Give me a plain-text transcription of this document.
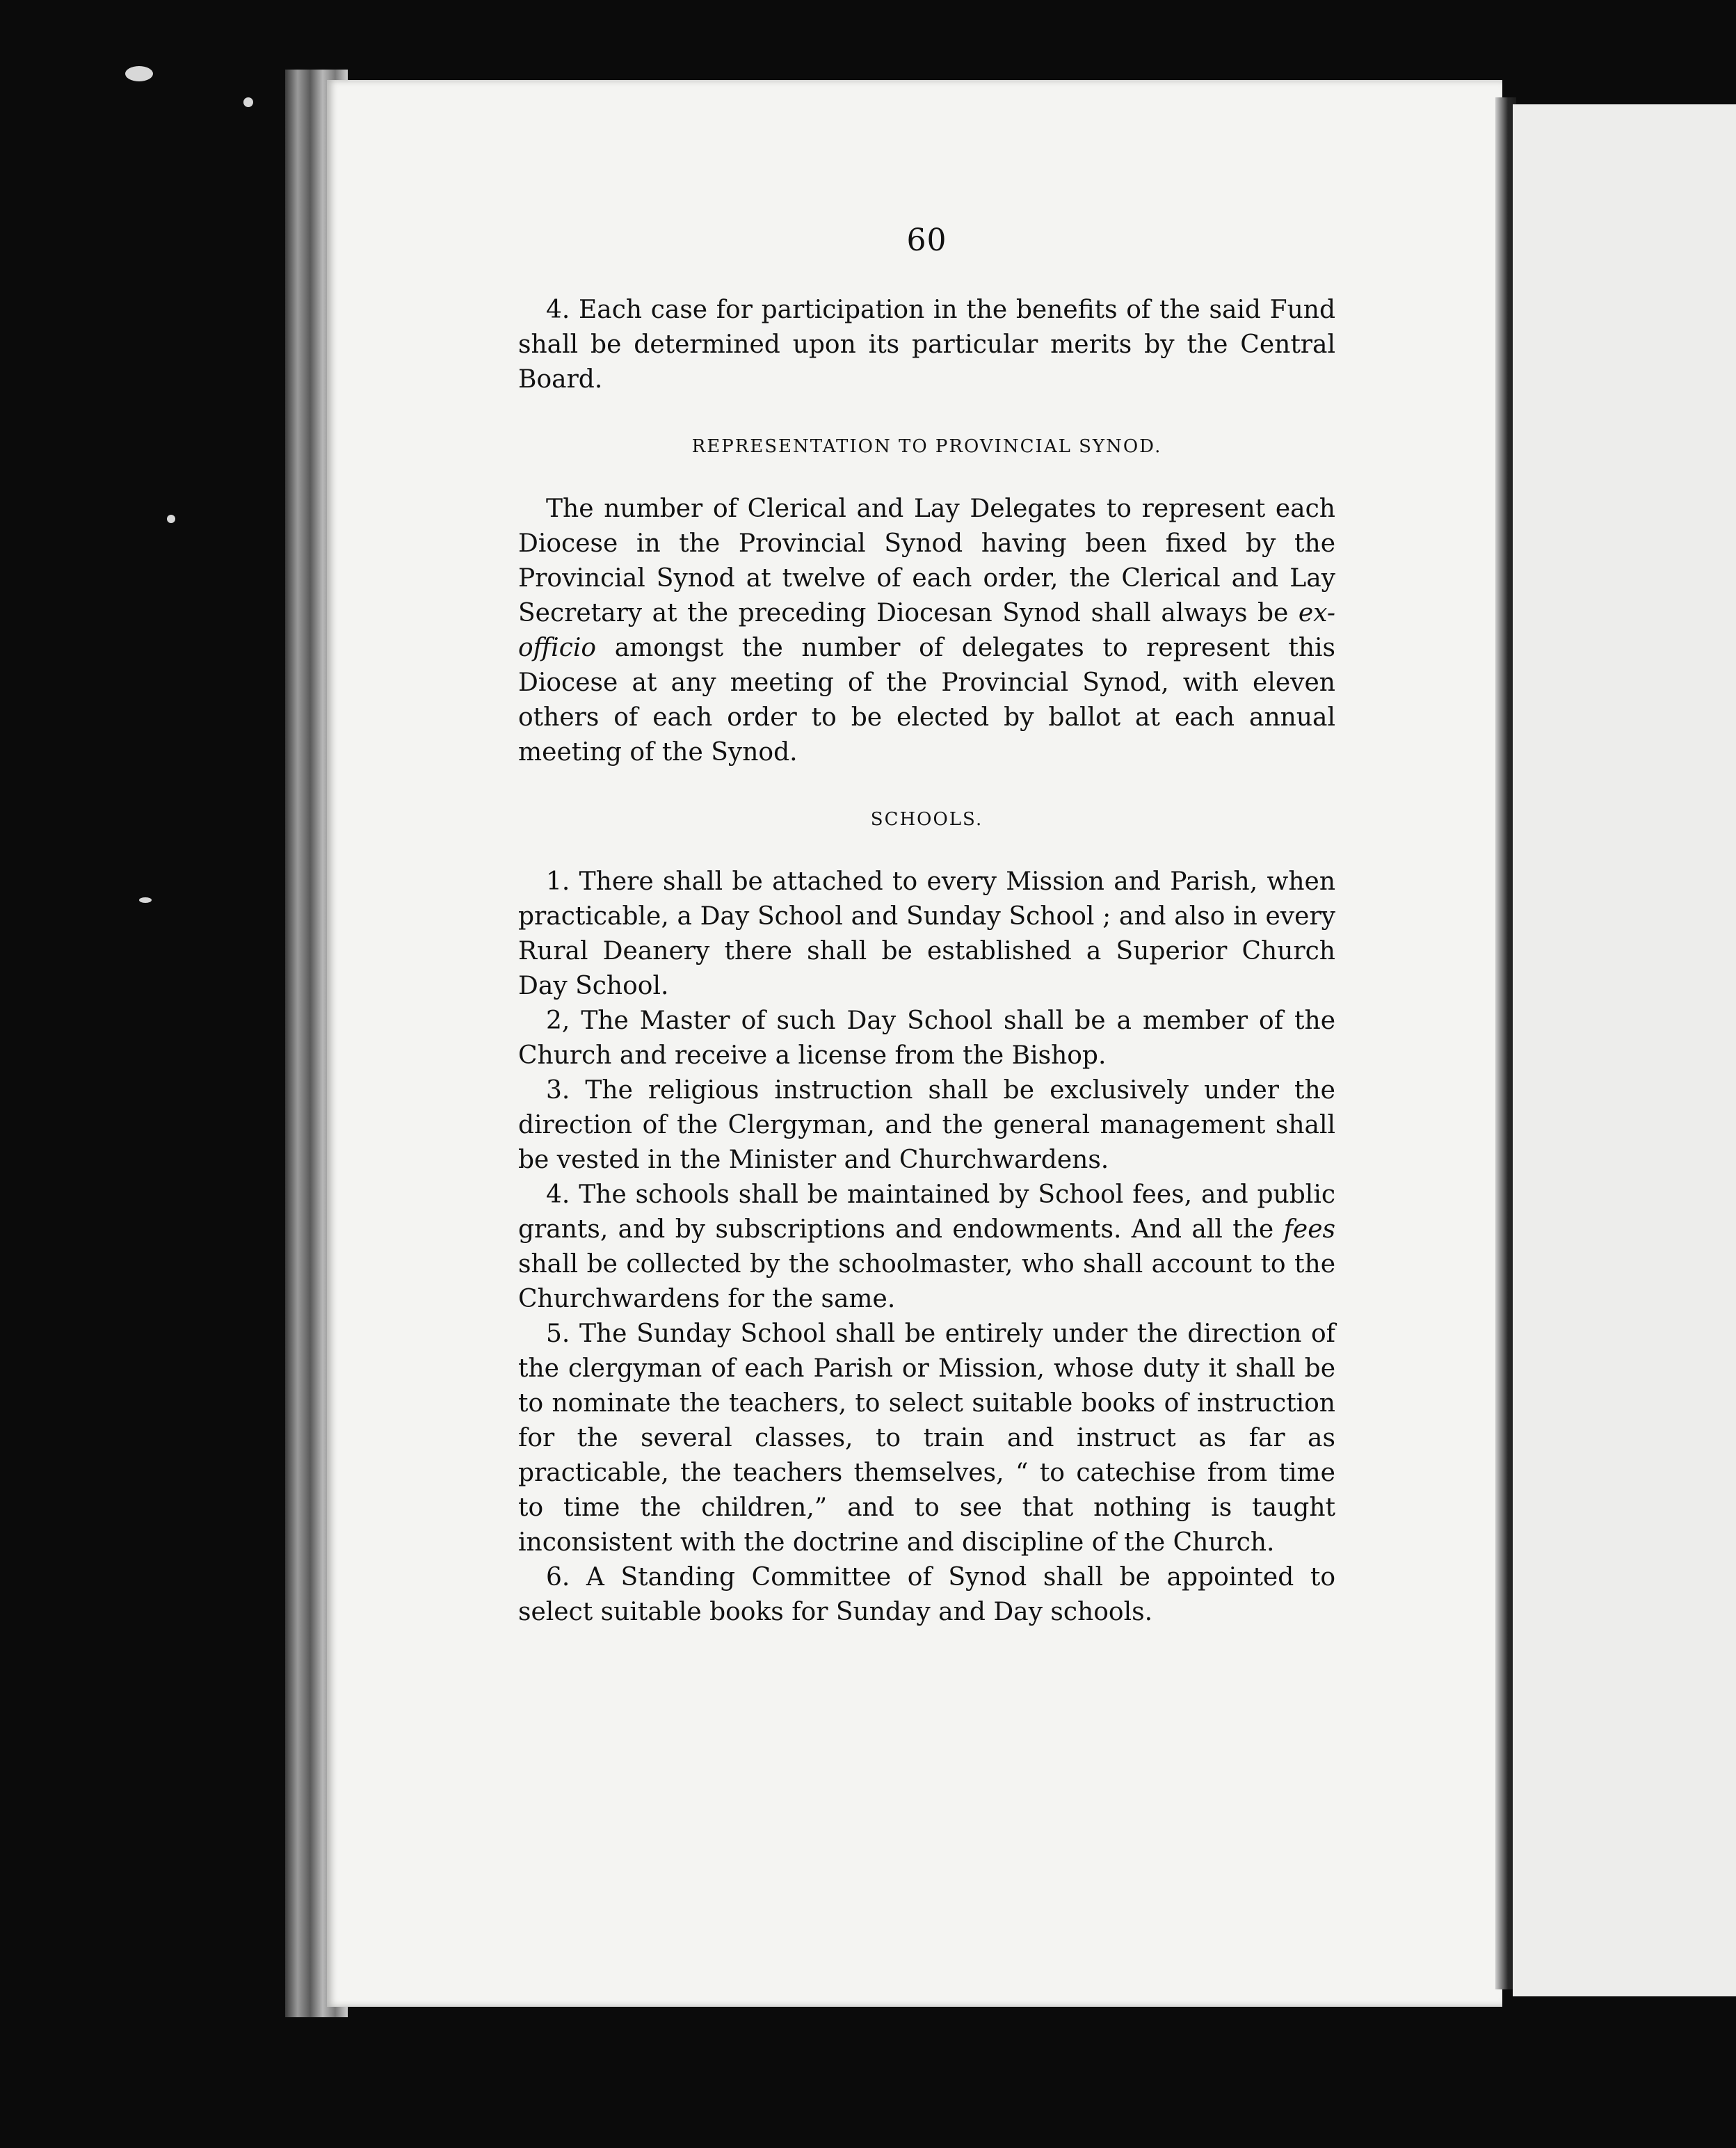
60

4. Each case for participation in the benefits of the said Fund shall be determined upon its particular merits by the Central Board.

REPRESENTATION TO PROVINCIAL SYNOD.

The number of Clerical and Lay Delegates to represent each Diocese in the Provincial Synod having been fixed by the Provincial Synod at twelve of each order, the Clerical and Lay Secretary at the preceding Diocesan Synod shall always be ex-officio amongst the number of delegates to represent this Diocese at any meeting of the Provincial Synod, with eleven others of each order to be elected by ballot at each annual meeting of the Synod.

SCHOOLS.

1. There shall be attached to every Mission and Parish, when practicable, a Day School and Sunday School ; and also in every Rural Deanery there shall be established a Superior Church Day School.

2, The Master of such Day School shall be a member of the Church and receive a license from the Bishop.

3. The religious instruction shall be exclusively under the direction of the Clergyman, and the general management shall be vested in the Minister and Churchwardens.

4. The schools shall be maintained by School fees, and public grants, and by subscriptions and endowments. And all the fees shall be collected by the schoolmaster, who shall account to the Churchwardens for the same.

5. The Sunday School shall be entirely under the direction of the clergyman of each Parish or Mission, whose duty it shall be to nominate the teachers, to select suitable books of instruction for the several classes, to train and instruct as far as practicable, the teachers themselves, “ to catechise from time to time the children,” and to see that nothing is taught inconsistent with the doctrine and discipline of the Church.

6. A Standing Committee of Synod shall be appointed to select suitable books for Sunday and Day schools.
